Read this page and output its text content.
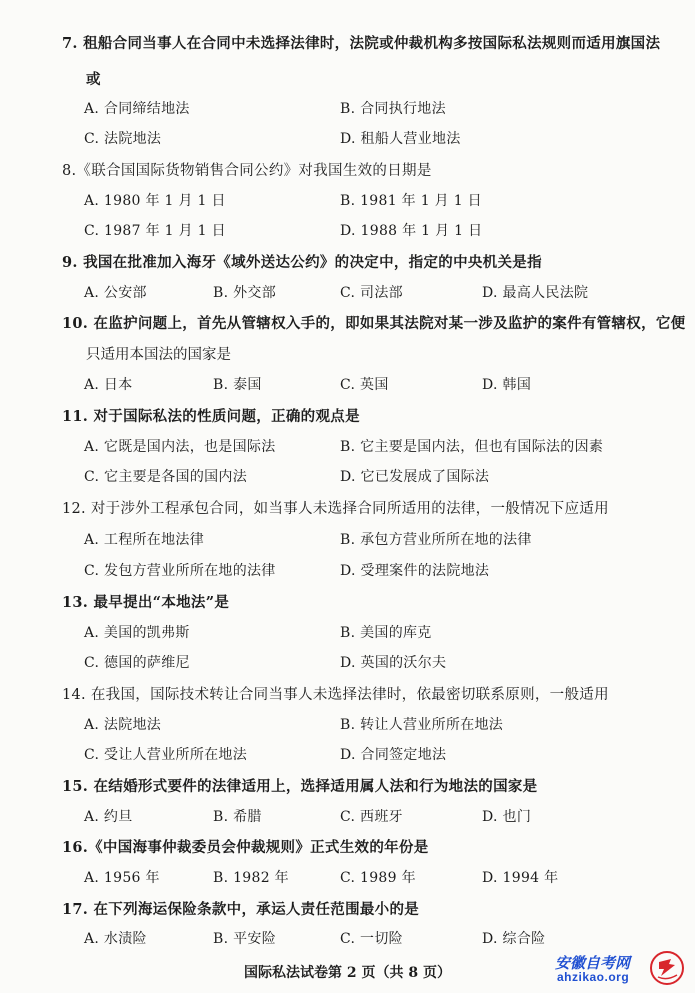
7. 租船合同当事人在合同中未选择法律时，法院或仲裁机构多按国际私法规则而适用旗国法
或
A. 合同缔结地法	B. 合同执行地法
C. 法院地法	D. 租船人营业地法
8.《联合国国际货物销售合同公约》对我国生效的日期是
A. 1980 年 1 月 1 日	B. 1981 年 1 月 1 日
C. 1987 年 1 月 1 日	D. 1988 年 1 月 1 日
9. 我国在批准加入海牙《域外送达公约》的决定中，指定的中央机关是指
A. 公安部	B. 外交部	C. 司法部	D. 最高人民法院
10. 在监护问题上，首先从管辖权入手的，即如果其法院对某一涉及监护的案件有管辖权，它便
只适用本国法的国家是
A. 日本	B. 泰国	C. 英国	D. 韩国
11. 对于国际私法的性质问题，正确的观点是
A. 它既是国内法，也是国际法	B. 它主要是国内法，但也有国际法的因素
C. 它主要是各国的国内法	D. 它已发展成了国际法
12. 对于涉外工程承包合同，如当事人未选择合同所适用的法律，一般情况下应适用
A. 工程所在地法律	B. 承包方营业所所在地的法律
C. 发包方营业所所在地的法律	D. 受理案件的法院地法
13. 最早提出“本地法”是
A. 美国的凯弗斯	B. 美国的库克
C. 德国的萨维尼	D. 英国的沃尔夫
14. 在我国，国际技术转让合同当事人未选择法律时，依最密切联系原则，一般适用
A. 法院地法	B. 转让人营业所所在地法
C. 受让人营业所所在地法	D. 合同签定地法
15. 在结婚形式要件的法律适用上，选择适用属人法和行为地法的国家是
A. 约旦	B. 希腊	C. 西班牙	D. 也门
16.《中国海事仲裁委员会仲裁规则》正式生效的年份是
A. 1956 年	B. 1982 年	C. 1989 年	D. 1994 年
17. 在下列海运保险条款中，承运人责任范围最小的是
A. 水渍险	B. 平安险	C. 一切险	D. 综合险
国际私法试卷第 2 页（共 8 页）
安徽自考网
ahzikao.org
